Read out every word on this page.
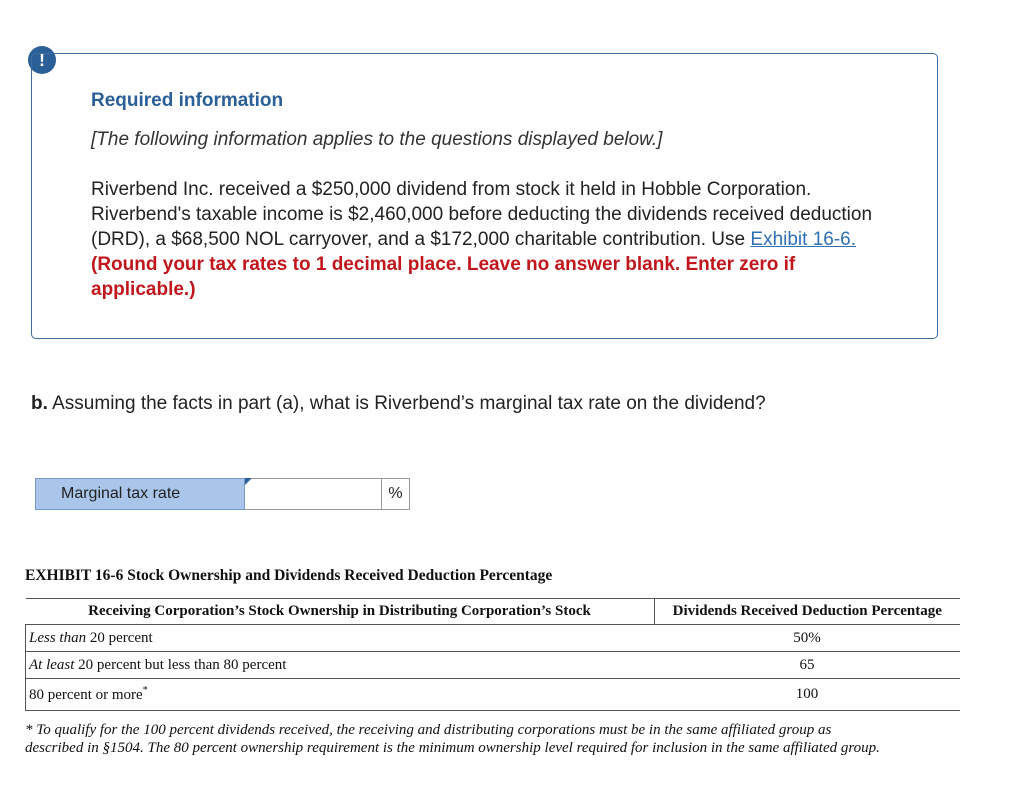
!
Required information
[The following information applies to the questions displayed below.]
Riverbend Inc. received a $250,000 dividend from stock it held in Hobble Corporation. Riverbend's taxable income is $2,460,000 before deducting the dividends received deduction (DRD), a $68,500 NOL carryover, and a $172,000 charitable contribution. Use Exhibit 16-6. (Round your tax rates to 1 decimal place. Leave no answer blank. Enter zero if applicable.)
b. Assuming the facts in part (a), what is Riverbend’s marginal tax rate on the dividend?
Marginal tax rate	%
EXHIBIT 16-6 Stock Ownership and Dividends Received Deduction Percentage
Receiving Corporation’s Stock Ownership in Distributing Corporation’s Stock	Dividends Received Deduction Percentage
Less than 20 percent	50%
At least 20 percent but less than 80 percent	65
80 percent or more*	100
* To qualify for the 100 percent dividends received, the receiving and distributing corporations must be in the same affiliated group as described in §1504. The 80 percent ownership requirement is the minimum ownership level required for inclusion in the same affiliated group.
